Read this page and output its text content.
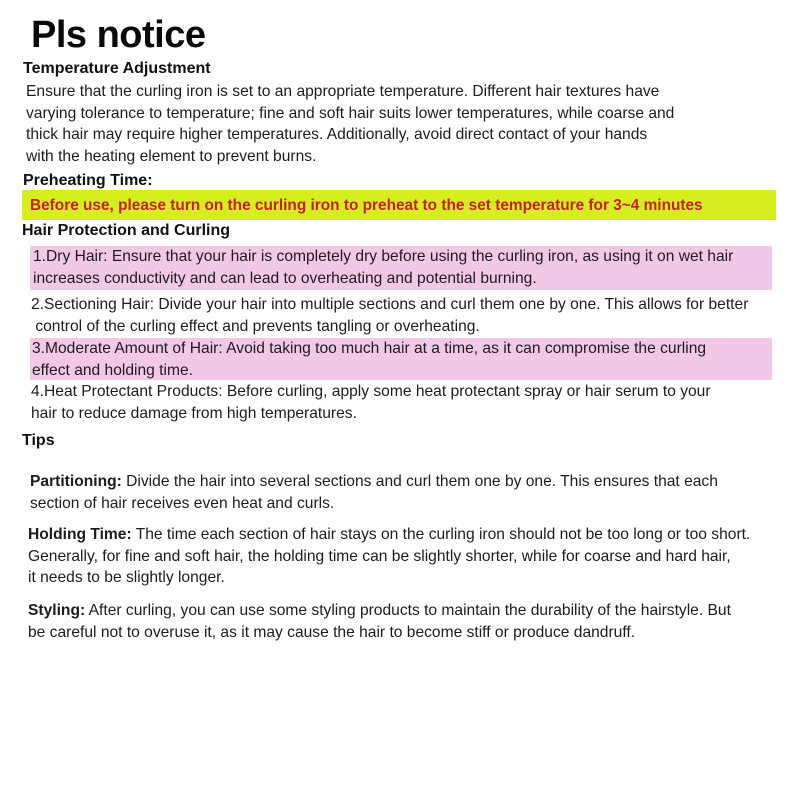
Pls notice
Temperature Adjustment

Ensure that the curling iron is set to an appropriate temperature. Different hair textures have
varying tolerance to temperature; fine and soft hair suits lower temperatures, while coarse and
thick hair may require higher temperatures. Additionally, avoid direct contact of your hands
with the heating element to prevent burns.

Preheating Time:
Before use, please turn on the curling iron to preheat to the set temperature for 3~4 minutes
Hair Protection and Curling

1.Dry Hair: Ensure that your hair is completely dry before using the curling iron, as using it on wet hair
increases conductivity and can lead to overheating and potential burning.

2.Sectioning Hair: Divide your hair into multiple sections and curl them one by one. This allows for better
control of the curling effect and prevents tangling or overheating.

3.Moderate Amount of Hair: Avoid taking too much hair at a time, as it can compromise the curling
effect and holding time.

4.Heat Protectant Products: Before curling, apply some heat protectant spray or hair serum to your
hair to reduce damage from high temperatures.

Tips

Partitioning: Divide the hair into several sections and curl them one by one. This ensures that each
section of hair receives even heat and curls.

Holding Time: The time each section of hair stays on the curling iron should not be too long or too short.
Generally, for fine and soft hair, the holding time can be slightly shorter, while for coarse and hard hair,
it needs to be slightly longer.

Styling: After curling, you can use some styling products to maintain the durability of the hairstyle. But
be careful not to overuse it, as it may cause the hair to become stiff or produce dandruff.
